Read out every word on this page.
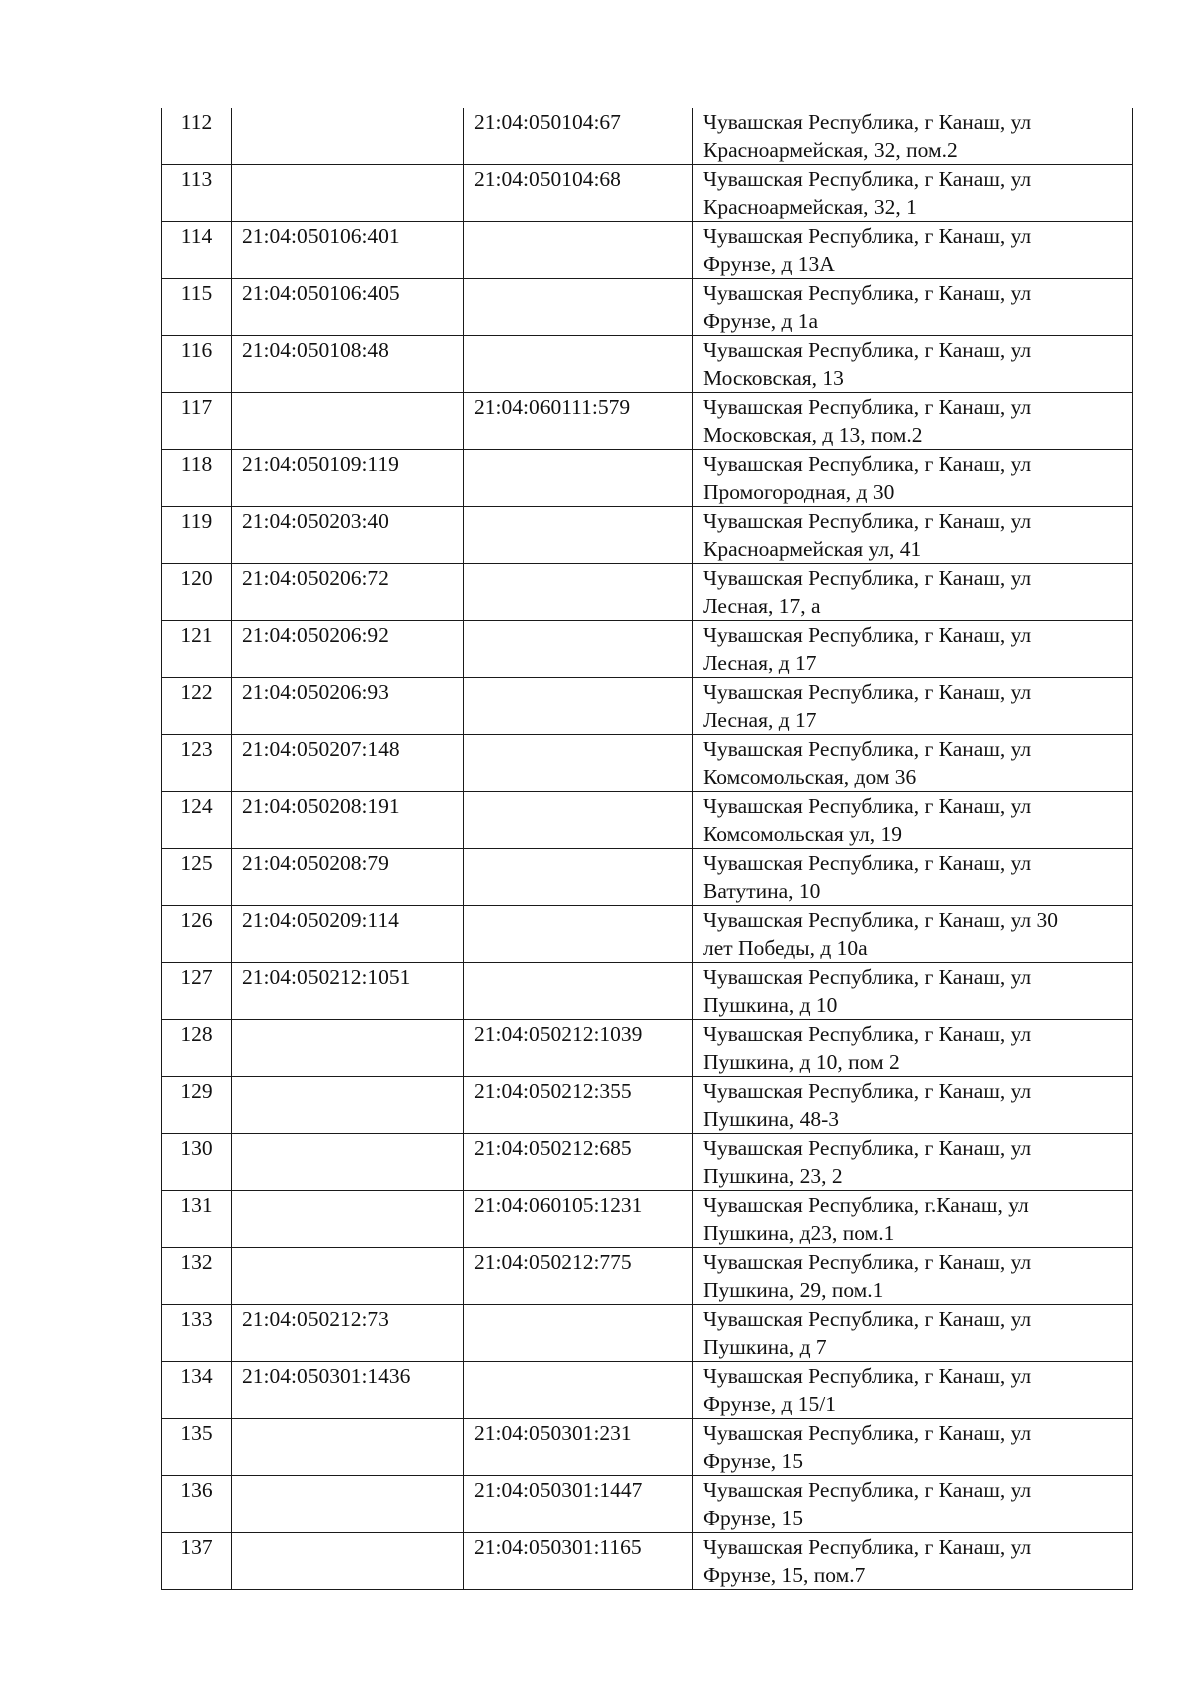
112		21:04:050104:67	Чувашская Республика, г Канаш, ул
Красноармейская, 32, пом.2

113		21:04:050104:68	Чувашская Республика, г Канаш, ул
Красноармейская, 32, 1

114	21:04:050106:401		Чувашская Республика, г Канаш, ул
Фрунзе, д 13А

115	21:04:050106:405		Чувашская Республика, г Канаш, ул
Фрунзе, д 1а

116	21:04:050108:48		Чувашская Республика, г Канаш, ул
Московская, 13

117		21:04:060111:579	Чувашская Республика, г Канаш, ул
Московская, д 13, пом.2

118	21:04:050109:119		Чувашская Республика, г Канаш, ул
Промогородная, д 30

119	21:04:050203:40		Чувашская Республика, г Канаш, ул
Красноармейская ул, 41

120	21:04:050206:72		Чувашская Республика, г Канаш, ул
Лесная, 17, а

121	21:04:050206:92		Чувашская Республика, г Канаш, ул
Лесная, д 17

122	21:04:050206:93		Чувашская Республика, г Канаш, ул
Лесная, д 17

123	21:04:050207:148		Чувашская Республика, г Канаш, ул
Комсомольская, дом 36

124	21:04:050208:191		Чувашская Республика, г Канаш, ул
Комсомольская ул, 19

125	21:04:050208:79		Чувашская Республика, г Канаш, ул
Ватутина, 10

126	21:04:050209:114		Чувашская Республика, г Канаш, ул 30
лет Победы, д 10а

127	21:04:050212:1051		Чувашская Республика, г Канаш, ул
Пушкина, д 10

128		21:04:050212:1039	Чувашская Республика, г Канаш, ул
Пушкина, д 10, пом 2

129		21:04:050212:355	Чувашская Республика, г Канаш, ул
Пушкина, 48-3

130		21:04:050212:685	Чувашская Республика, г Канаш, ул
Пушкина, 23, 2

131		21:04:060105:1231	Чувашская Республика, г.Канаш, ул
Пушкина, д23, пом.1

132		21:04:050212:775	Чувашская Республика, г Канаш, ул
Пушкина, 29, пом.1

133	21:04:050212:73		Чувашская Республика, г Канаш, ул
Пушкина, д 7

134	21:04:050301:1436		Чувашская Республика, г Канаш, ул
Фрунзе, д 15/1

135		21:04:050301:231	Чувашская Республика, г Канаш, ул
Фрунзе, 15

136		21:04:050301:1447	Чувашская Республика, г Канаш, ул
Фрунзе, 15

137		21:04:050301:1165	Чувашская Республика, г Канаш, ул
Фрунзе, 15, пом.7
